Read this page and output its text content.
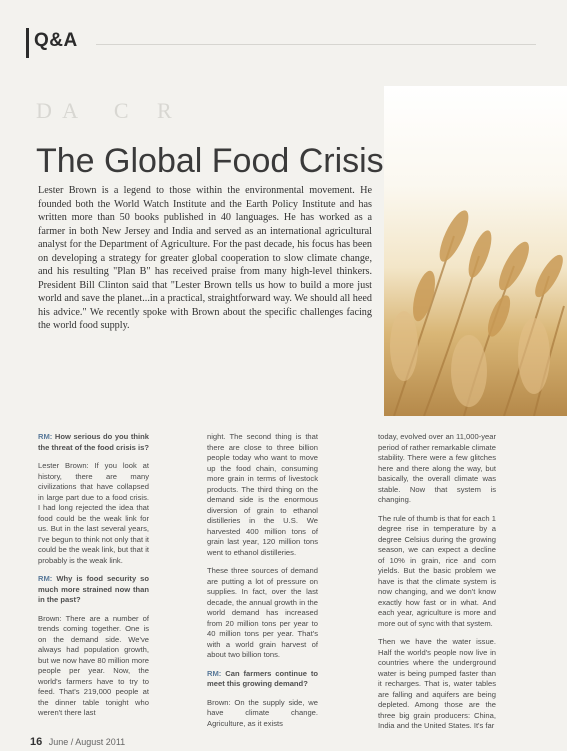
Q&A
D A    C   R
The Global Food Crisis
Lester Brown is a legend to those within the environmental movement. He founded both the World Watch Institute and the Earth Policy Institute and has written more than 50 books published in 40 languages. He has worked as a farmer in both New Jersey and India and served as an international agricultural analyst for the Department of Agriculture. For the past decade, his focus has been on developing a strategy for greater global cooperation to slow climate change, and his resulting "Plan B" has received praise from many high-level thinkers. President Bill Clinton said that "Lester Brown tells us how to build a more just world and save the planet...in a practical, straightforward way. We should all heed his advice." We recently spoke with Brown about the specific challenges facing the world food supply.

RM: How serious do you think the threat of the food crisis is?

Lester Brown: If you look at history, there are many civilizations that have collapsed in large part due to a food crisis. I had long rejected the idea that food could be the weak link for us. But in the last several years, I've begun to think not only that it could be the weak link, but that it probably is the weak link.

RM: Why is food security so much more strained now than in the past?

Brown: There are a number of trends coming together. One is on the demand side. We've always had population growth, but we now have 80 million more people per year. Now, the world's farmers have to try to feed. That's 219,000 people at the dinner table tonight who weren't there last

night. The second thing is that there are close to three billion people today who want to move up the food chain, consuming more grain in terms of livestock products. The third thing on the demand side is the enormous diversion of grain to ethanol distilleries in the U.S. We harvested 400 million tons of grain last year, 120 million tons went to ethanol distilleries.

These three sources of demand are putting a lot of pressure on supplies. In fact, over the last decade, the annual growth in the world demand has increased from 20 million tons per year to 40 million tons per year. That's with a world grain harvest of about two billion tons.

RM: Can farmers continue to meet this growing demand?

Brown: On the supply side, we have climate change. Agriculture, as it exists

today, evolved over an 11,000-year period of rather remarkable climate stability. There were a few glitches here and there along the way, but basically, the overall climate was stable. Now that system is changing.

The rule of thumb is that for each 1 degree rise in temperature by a degree Celsius during the growing season, we can expect a decline of 10% in grain, rice and corn yields. But the basic problem we have is that the climate system is now changing, and we don't know exactly how fast or in what. And each year, agriculture is more and more out of sync with that system.

Then we have the water issue. Half the world's people now live in countries where the underground water is being pumped faster than it recharges. That is, water tables are falling and aquifers are being depleted. Among those are the three big grain producers: China, India and the United States. It's far

16 June / August 2011
